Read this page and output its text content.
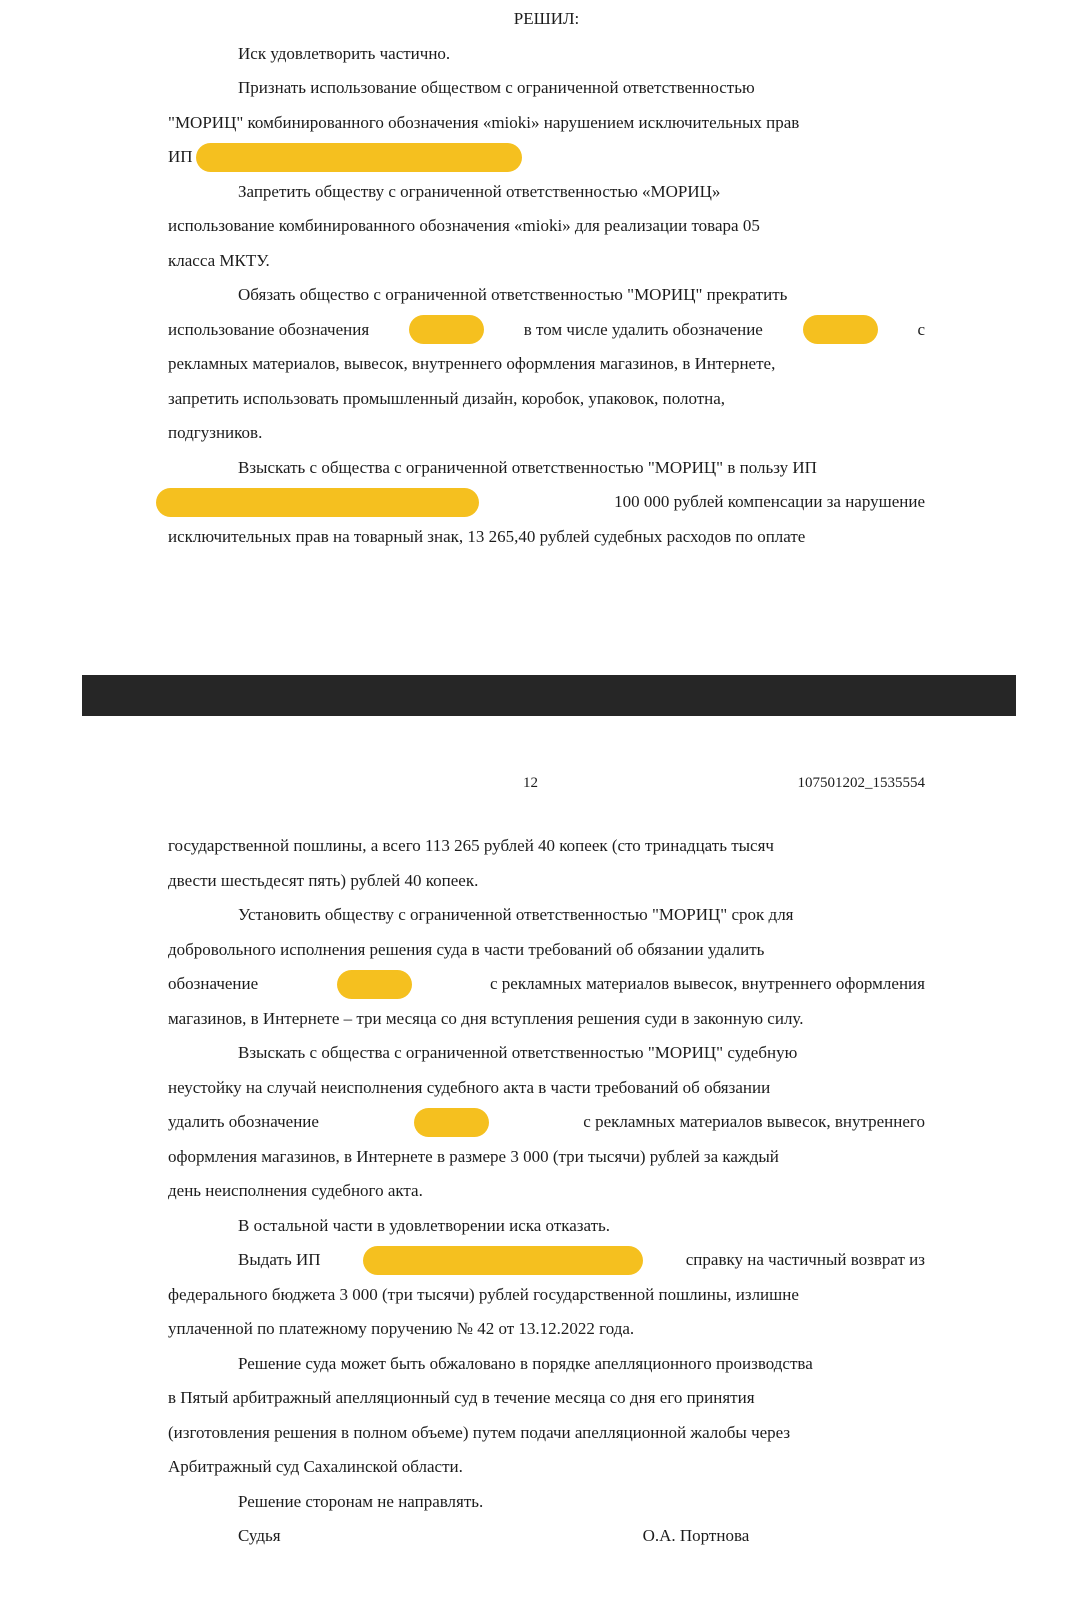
РЕШИЛ:
Иск удовлетворить частично.
Признать использование обществом с ограниченной ответственностью
"МОРИЦ" комбинированного обозначения «mioki» нарушением исключительных прав
ИП
Запретить обществу с ограниченной ответственностью «МОРИЦ»
использование комбинированного обозначения «mioki» для реализации товара 05
класса МКТУ.
Обязать общество с ограниченной ответственностью "МОРИЦ" прекратить
использование обозначения	в том числе удалить обозначение	с
рекламных материалов, вывесок, внутреннего оформления магазинов, в Интернете,
запретить использовать промышленный дизайн, коробок, упаковок, полотна,
подгузников.
Взыскать с общества с ограниченной ответственностью "МОРИЦ" в пользу ИП
100 000 рублей компенсации за нарушение
исключительных прав на товарный знак, 13 265,40 рублей судебных расходов по оплате
12	107501202_1535554
государственной пошлины, а всего 113 265 рублей 40 копеек (сто тринадцать тысяч
двести шестьдесят пять) рублей 40 копеек.
Установить обществу с ограниченной ответственностью "МОРИЦ" срок для
добровольного исполнения решения суда в части требований об обязании удалить
обозначение	с рекламных материалов вывесок, внутреннего оформления
магазинов, в Интернете – три месяца со дня вступления решения суди в законную силу.
Взыскать с общества с ограниченной ответственностью "МОРИЦ" судебную
неустойку на случай неисполнения судебного акта в части требований об обязании
удалить обозначение	с рекламных материалов вывесок, внутреннего
оформления магазинов, в Интернете в размере 3 000 (три тысячи) рублей за каждый
день неисполнения судебного акта.
В остальной части в удовлетворении иска отказать.
Выдать ИП	справку на частичный возврат из
федерального бюджета 3 000 (три тысячи) рублей государственной пошлины, излишне
уплаченной по платежному поручению № 42 от 13.12.2022 года.
Решение суда может быть обжаловано в порядке апелляционного производства
в Пятый арбитражный апелляционный суд в течение месяца со дня его принятия
(изготовления решения в полном объеме) путем подачи апелляционной жалобы через
Арбитражный суд Сахалинской области.
Решение сторонам не направлять.
Судья	О.А. Портнова
